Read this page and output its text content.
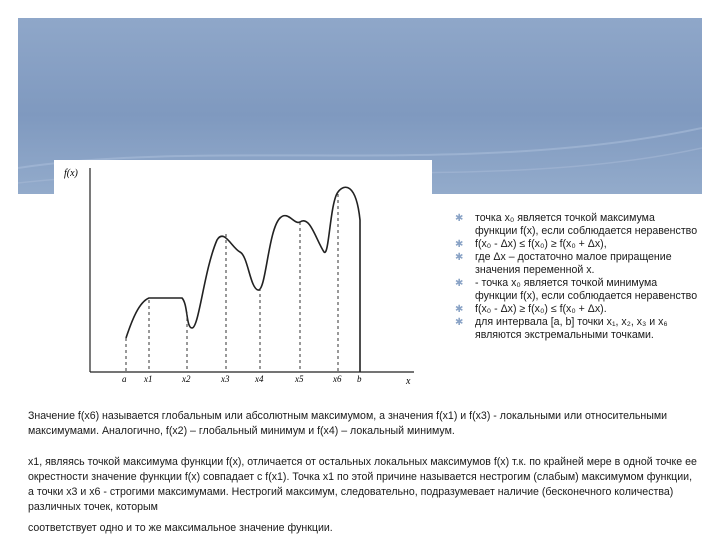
f(x)
x
a x1	x2	x3	x4	x5	x6 b
✱ точка x₀ является точкой максимума функции f(x), если соблюдается неравенство
✱ f(x₀ - Δx) ≤ f(x₀) ≥ f(x₀ + Δx),
✱ где Δx – достаточно малое приращение значения переменной x.
✱ - точка x₀ является точкой минимума функции f(x), если соблюдается неравенство
✱ f(x₀ - Δx) ≥ f(x₀) ≤ f(x₀ + Δx).
✱ для интервала [a, b] точки x₁, x₂, x₃ и x₆ являются экстремальными точками.

Значение f(x6) называется глобальным или абсолютным максимумом, а значения f(x1) и f(x3) - локальными или относительными максимумами. Аналогично, f(x2) – глобальный минимум и f(x4) – локальный минимум.

x1, являясь точкой максимума функции f(x), отличается от остальных локальных максимумов f(x) т.к. по крайней мере в одной точке ее окрестности значение функции f(x) совпадает с f(x1). Точка x1 по этой причине называется нестрогим (слабым) максимумом функции, а точки x3 и x6 - строгими максимумами. Нестрогий максимум, следовательно, подразумевает наличие (бесконечного количества) различных точек, которым

соответствует одно и то же максимальное значение функции.
